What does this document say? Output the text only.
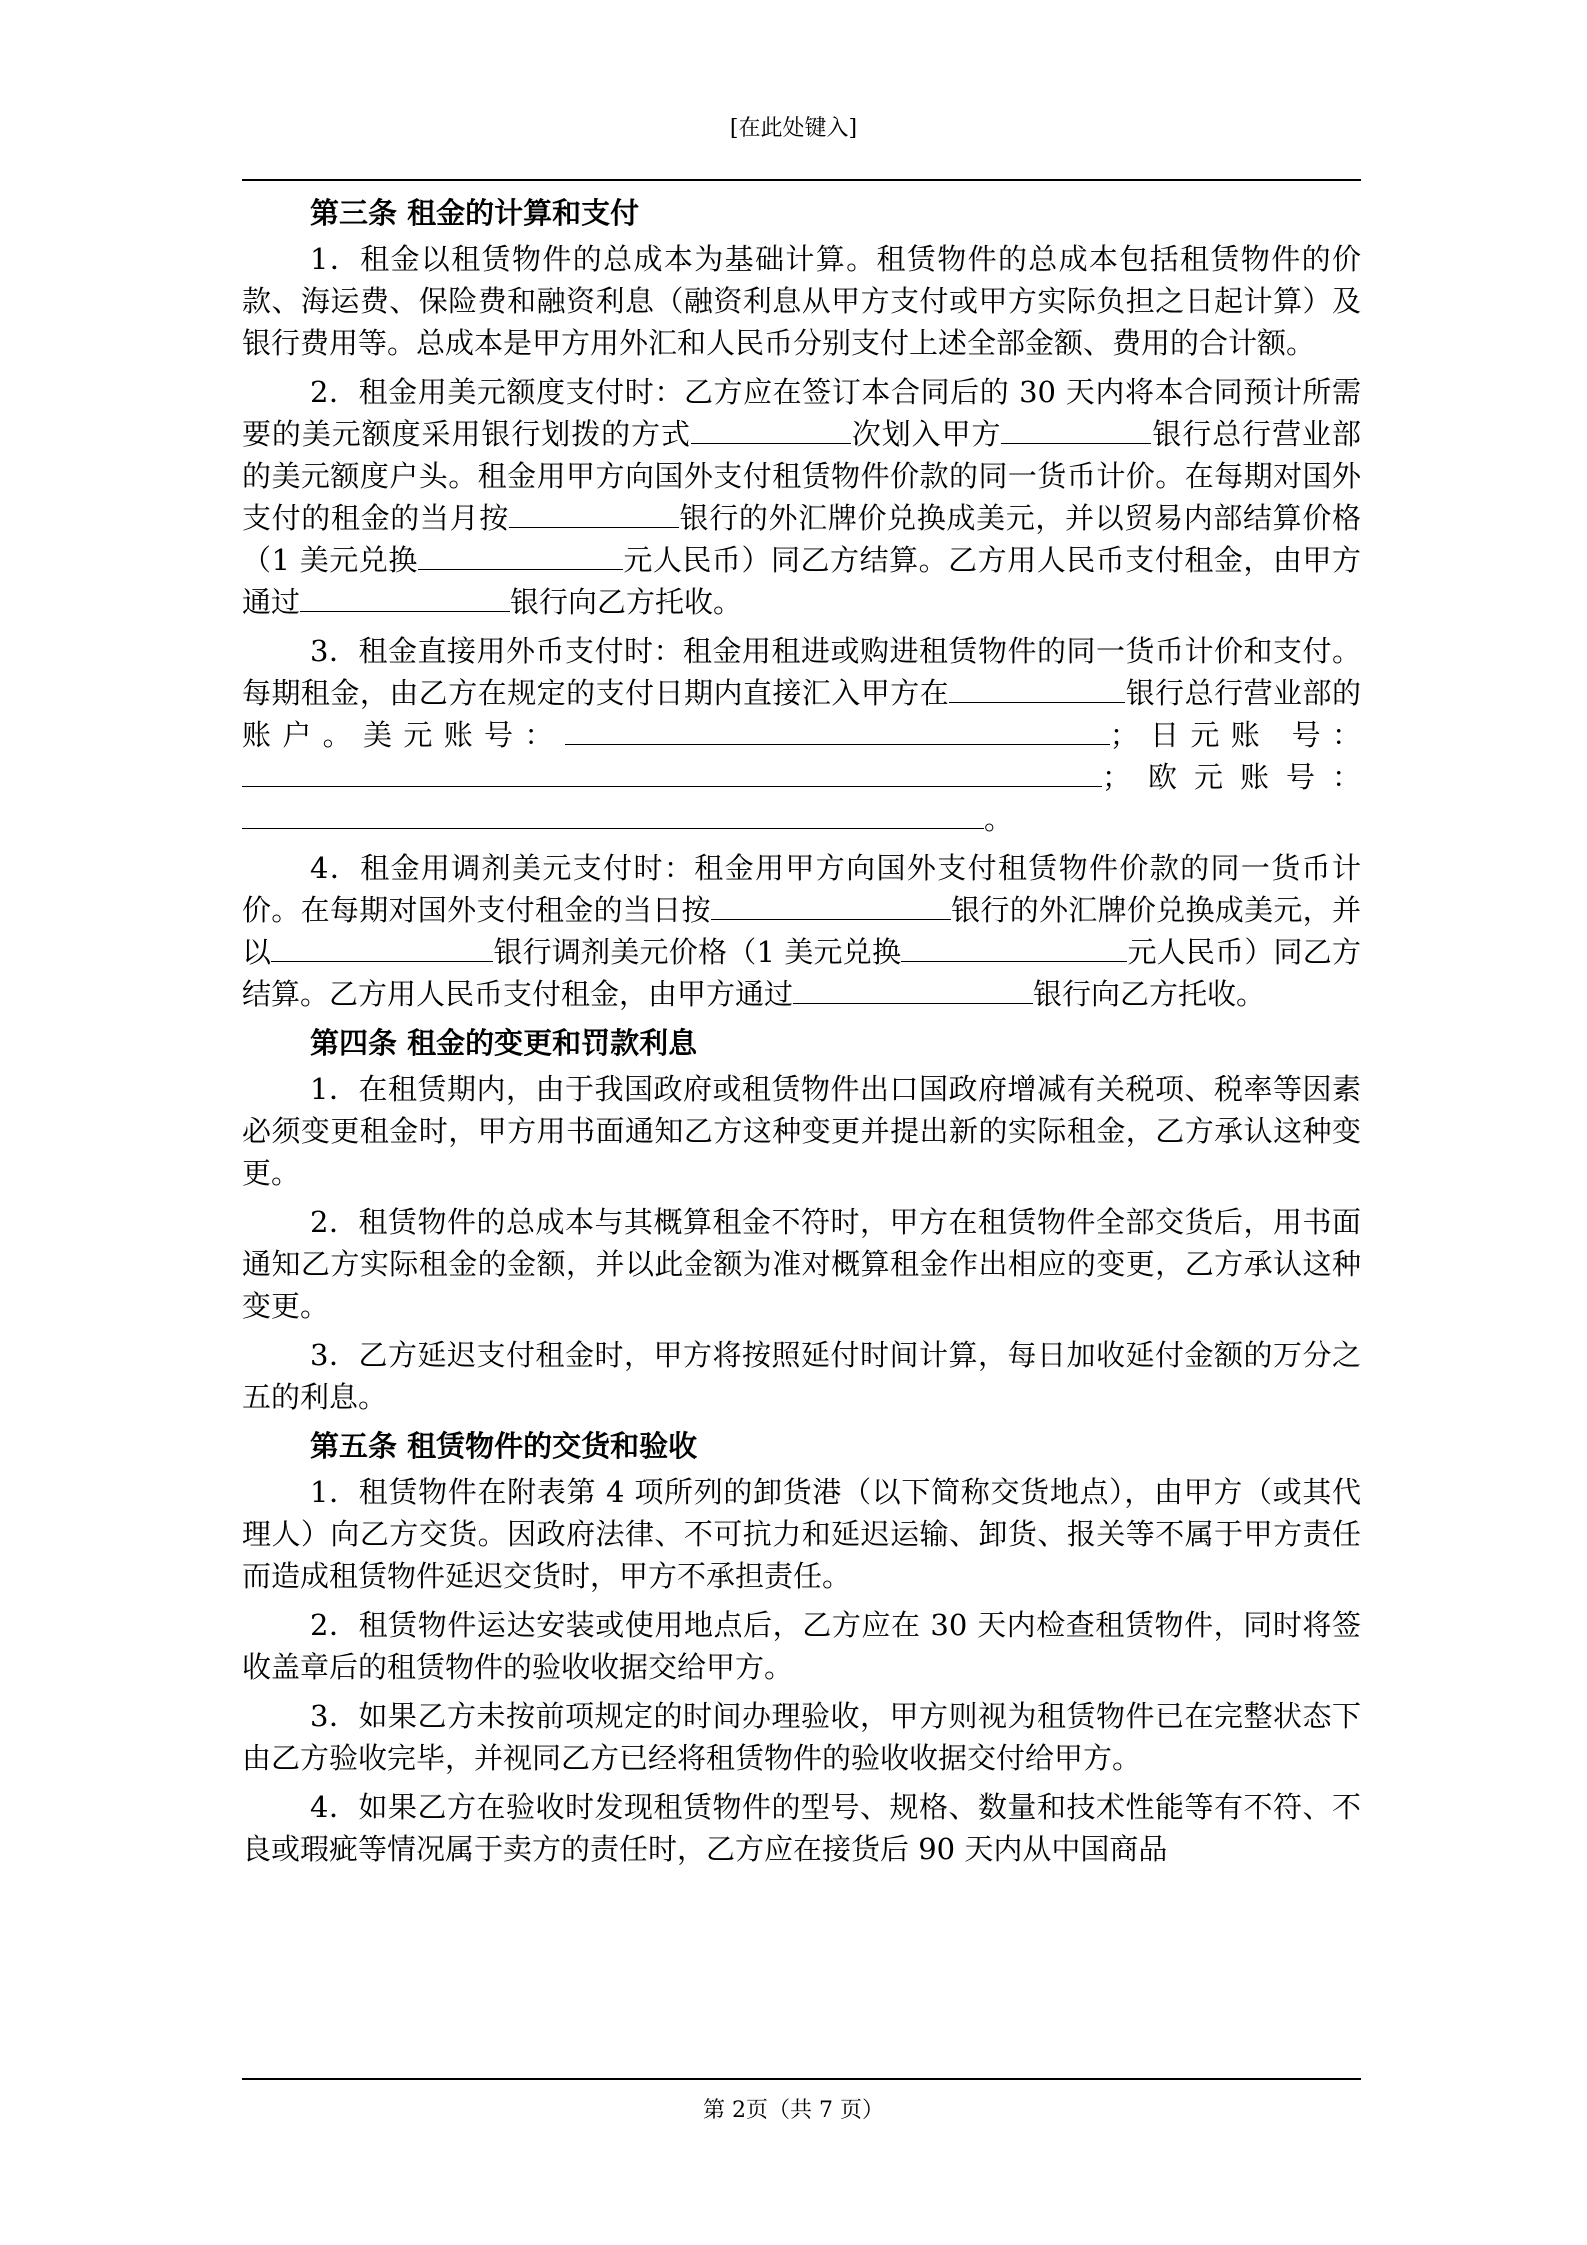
[在此处键入]

第三条 租金的计算和支付

1．租金以租赁物件的总成本为基础计算。租赁物件的总成本包括租赁物件的价款、海运费、保险费和融资利息（融资利息从甲方支付或甲方实际负担之日起计算）及银行费用等。总成本是甲方用外汇和人民币分别支付上述全部金额、费用的合计额。

2．租金用美元额度支付时：乙方应在签订本合同后的 30 天内将本合同预计所需要的美元额度采用银行划拨的方式	次划入甲方	银行总行营业部的美元额度户头。租金用甲方向国外支付租赁物件价款的同一货币计价。在每期对国外支付的租金的当月按	银行的外汇牌价兑换成美元，并以贸易内部结算价格（1 美元兑换	元人民币）同乙方结算。乙方用人民币支付租金，由甲方通过	银行向乙方托收。

3．租金直接用外币支付时：租金用租进或购进租赁物件的同一货币计价和支付。每期租金，由乙方在规定的支付日期内直接汇入甲方在	银行总行营业部的账户。美元账号：	；日元账 号：；欧元账号：。

4．租金用调剂美元支付时：租金用甲方向国外支付租赁物件价款的同一货币计价。在每期对国外支付租金的当日按	银行的外汇牌价兑换成美元，并以	银行调剂美元价格（1 美元兑换	元人民币）同乙方结算。乙方用人民币支付租金，由甲方通过	银行向乙方托收。

第四条 租金的变更和罚款利息

1．在租赁期内，由于我国政府或租赁物件出口国政府增减有关税项、税率等因素必须变更租金时，甲方用书面通知乙方这种变更并提出新的实际租金，乙方承认这种变更。

2．租赁物件的总成本与其概算租金不符时，甲方在租赁物件全部交货后，用书面通知乙方实际租金的金额，并以此金额为准对概算租金作出相应的变更，乙方承认这种变更。

3．乙方延迟支付租金时，甲方将按照延付时间计算，每日加收延付金额的万分之五的利息。

第五条 租赁物件的交货和验收

1．租赁物件在附表第 4 项所列的卸货港（以下简称交货地点），由甲方（或其代理人）向乙方交货。因政府法律、不可抗力和延迟运输、卸货、报关等不属于甲方责任而造成租赁物件延迟交货时，甲方不承担责任。

2．租赁物件运达安装或使用地点后，乙方应在 30 天内检查租赁物件，同时将签收盖章后的租赁物件的验收收据交给甲方。

3．如果乙方未按前项规定的时间办理验收，甲方则视为租赁物件已在完整状态下由乙方验收完毕，并视同乙方已经将租赁物件的验收收据交付给甲方。

4．如果乙方在验收时发现租赁物件的型号、规格、数量和技术性能等有不符、不良或瑕疵等情况属于卖方的责任时，乙方应在接货后 90 天内从中国商品

第 2页（共 7 页）
